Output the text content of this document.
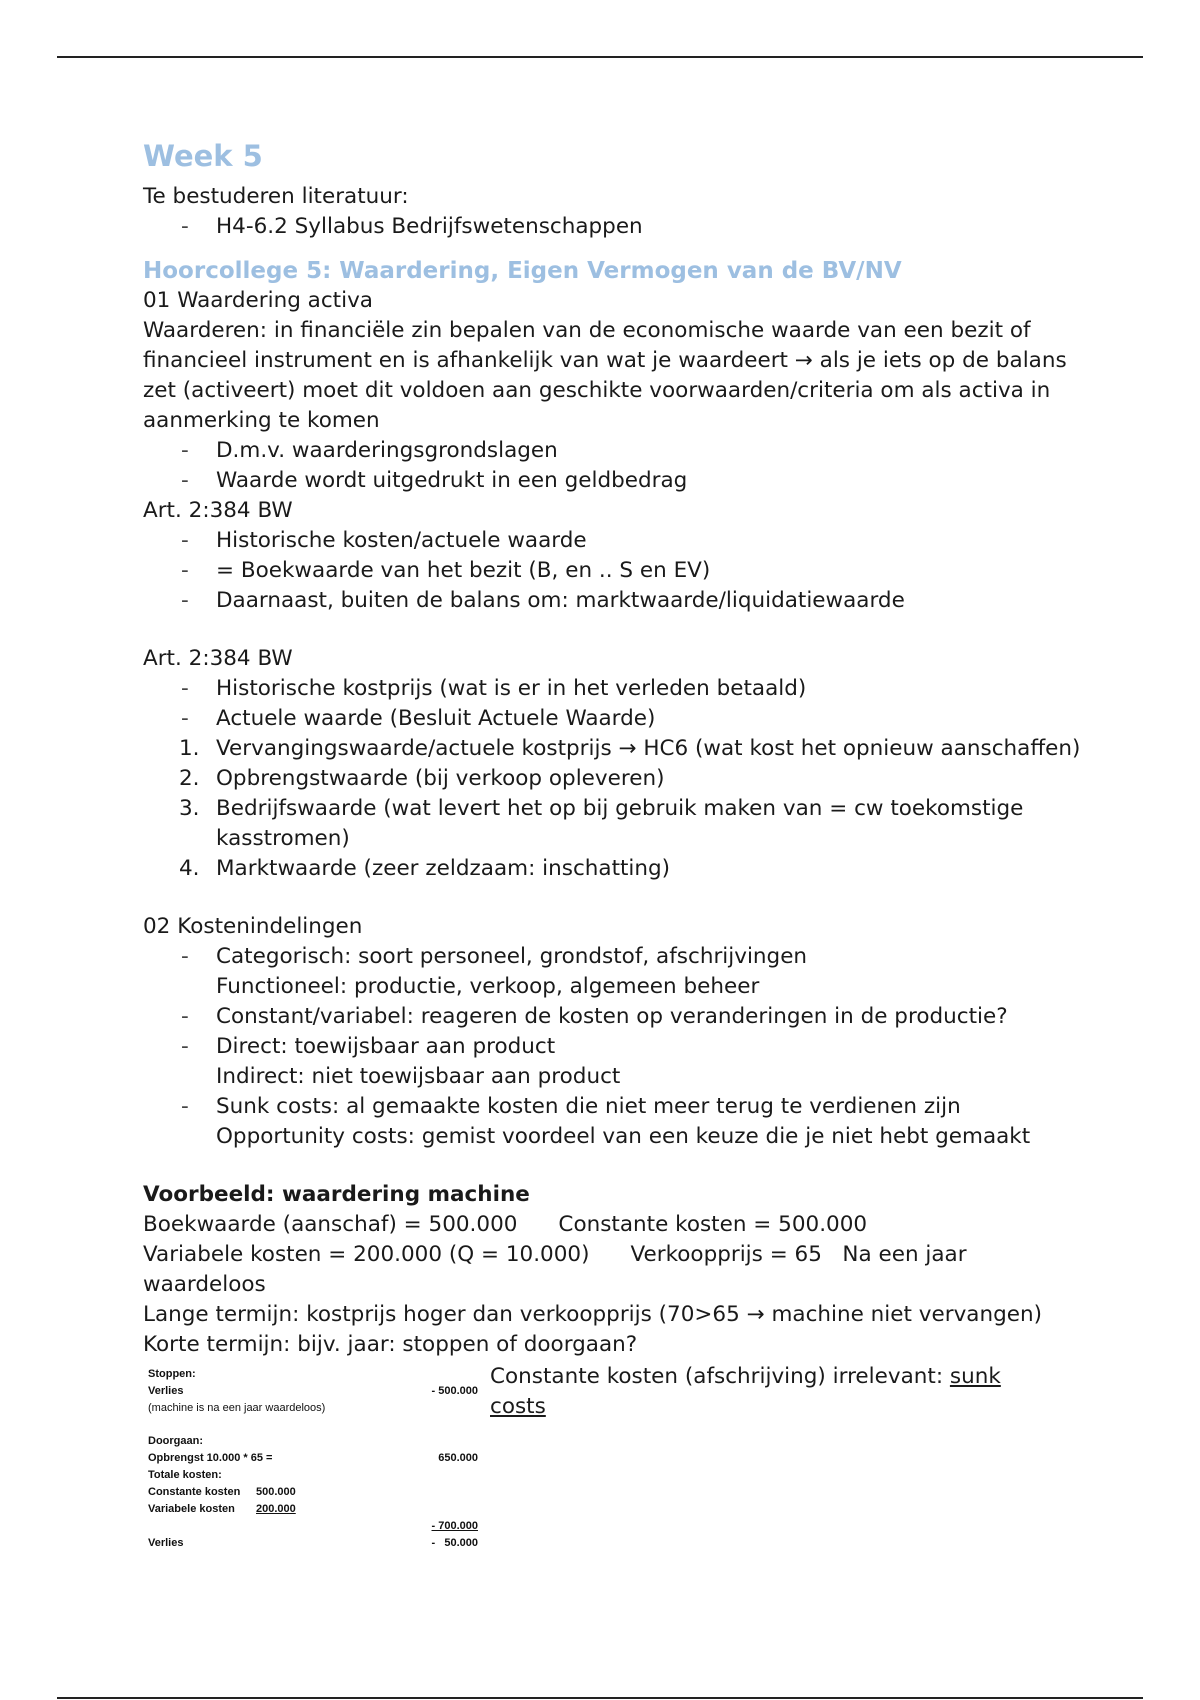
Week 5
Te bestuderen literatuur:
-	H4-6.2 Syllabus Bedrijfswetenschappen
Hoorcollege 5: Waardering, Eigen Vermogen van de BV/NV
01 Waardering activa
Waarderen: in financiële zin bepalen van de economische waarde van een bezit of financieel instrument en is afhankelijk van wat je waardeert → als je iets op de balans zet (activeert) moet dit voldoen aan geschikte voorwaarden/criteria om als activa in aanmerking te komen
-	D.m.v. waarderingsgrondslagen
-	Waarde wordt uitgedrukt in een geldbedrag
Art. 2:384 BW
-	Historische kosten/actuele waarde
-	= Boekwaarde van het bezit (B, en .. S en EV)
-	Daarnaast, buiten de balans om: marktwaarde/liquidatiewaarde
Art. 2:384 BW
-	Historische kostprijs (wat is er in het verleden betaald)
-	Actuele waarde (Besluit Actuele Waarde)
1. Vervangingswaarde/actuele kostprijs → HC6 (wat kost het opnieuw aanschaffen)
2. Opbrengstwaarde (bij verkoop opleveren)
3. Bedrijfswaarde (wat levert het op bij gebruik maken van = cw toekomstige kasstromen)
4. Marktwaarde (zeer zeldzaam: inschatting)
02 Kostenindelingen
-	Categorisch: soort personeel, grondstof, afschrijvingen
Functioneel: productie, verkoop, algemeen beheer
-	Constant/variabel: reageren de kosten op veranderingen in de productie?
-	Direct: toewijsbaar aan product
Indirect: niet toewijsbaar aan product
-	Sunk costs: al gemaakte kosten die niet meer terug te verdienen zijn
Opportunity costs: gemist voordeel van een keuze die je niet hebt gemaakt
Voorbeeld: waardering machine
Boekwaarde (aanschaf) = 500.000      Constante kosten = 500.000
Variabele kosten = 200.000 (Q = 10.000)      Verkoopprijs = 65   Na een jaar waardeloos
Lange termijn: kostprijs hoger dan verkoopprijs (70>65 → machine niet vervangen)
Korte termijn: bijv. jaar: stoppen of doorgaan?
Stoppen:
Verlies	- 500.000
(machine is na een jaar waardeloos)
Doorgaan:
Opbrengst 10.000 * 65 =	650.000
Totale kosten:
Constante kosten 500.000
Variabele kosten 200.000
- 700.000
Verlies	-   50.000
Constante kosten (afschrijving) irrelevant: sunk costs
